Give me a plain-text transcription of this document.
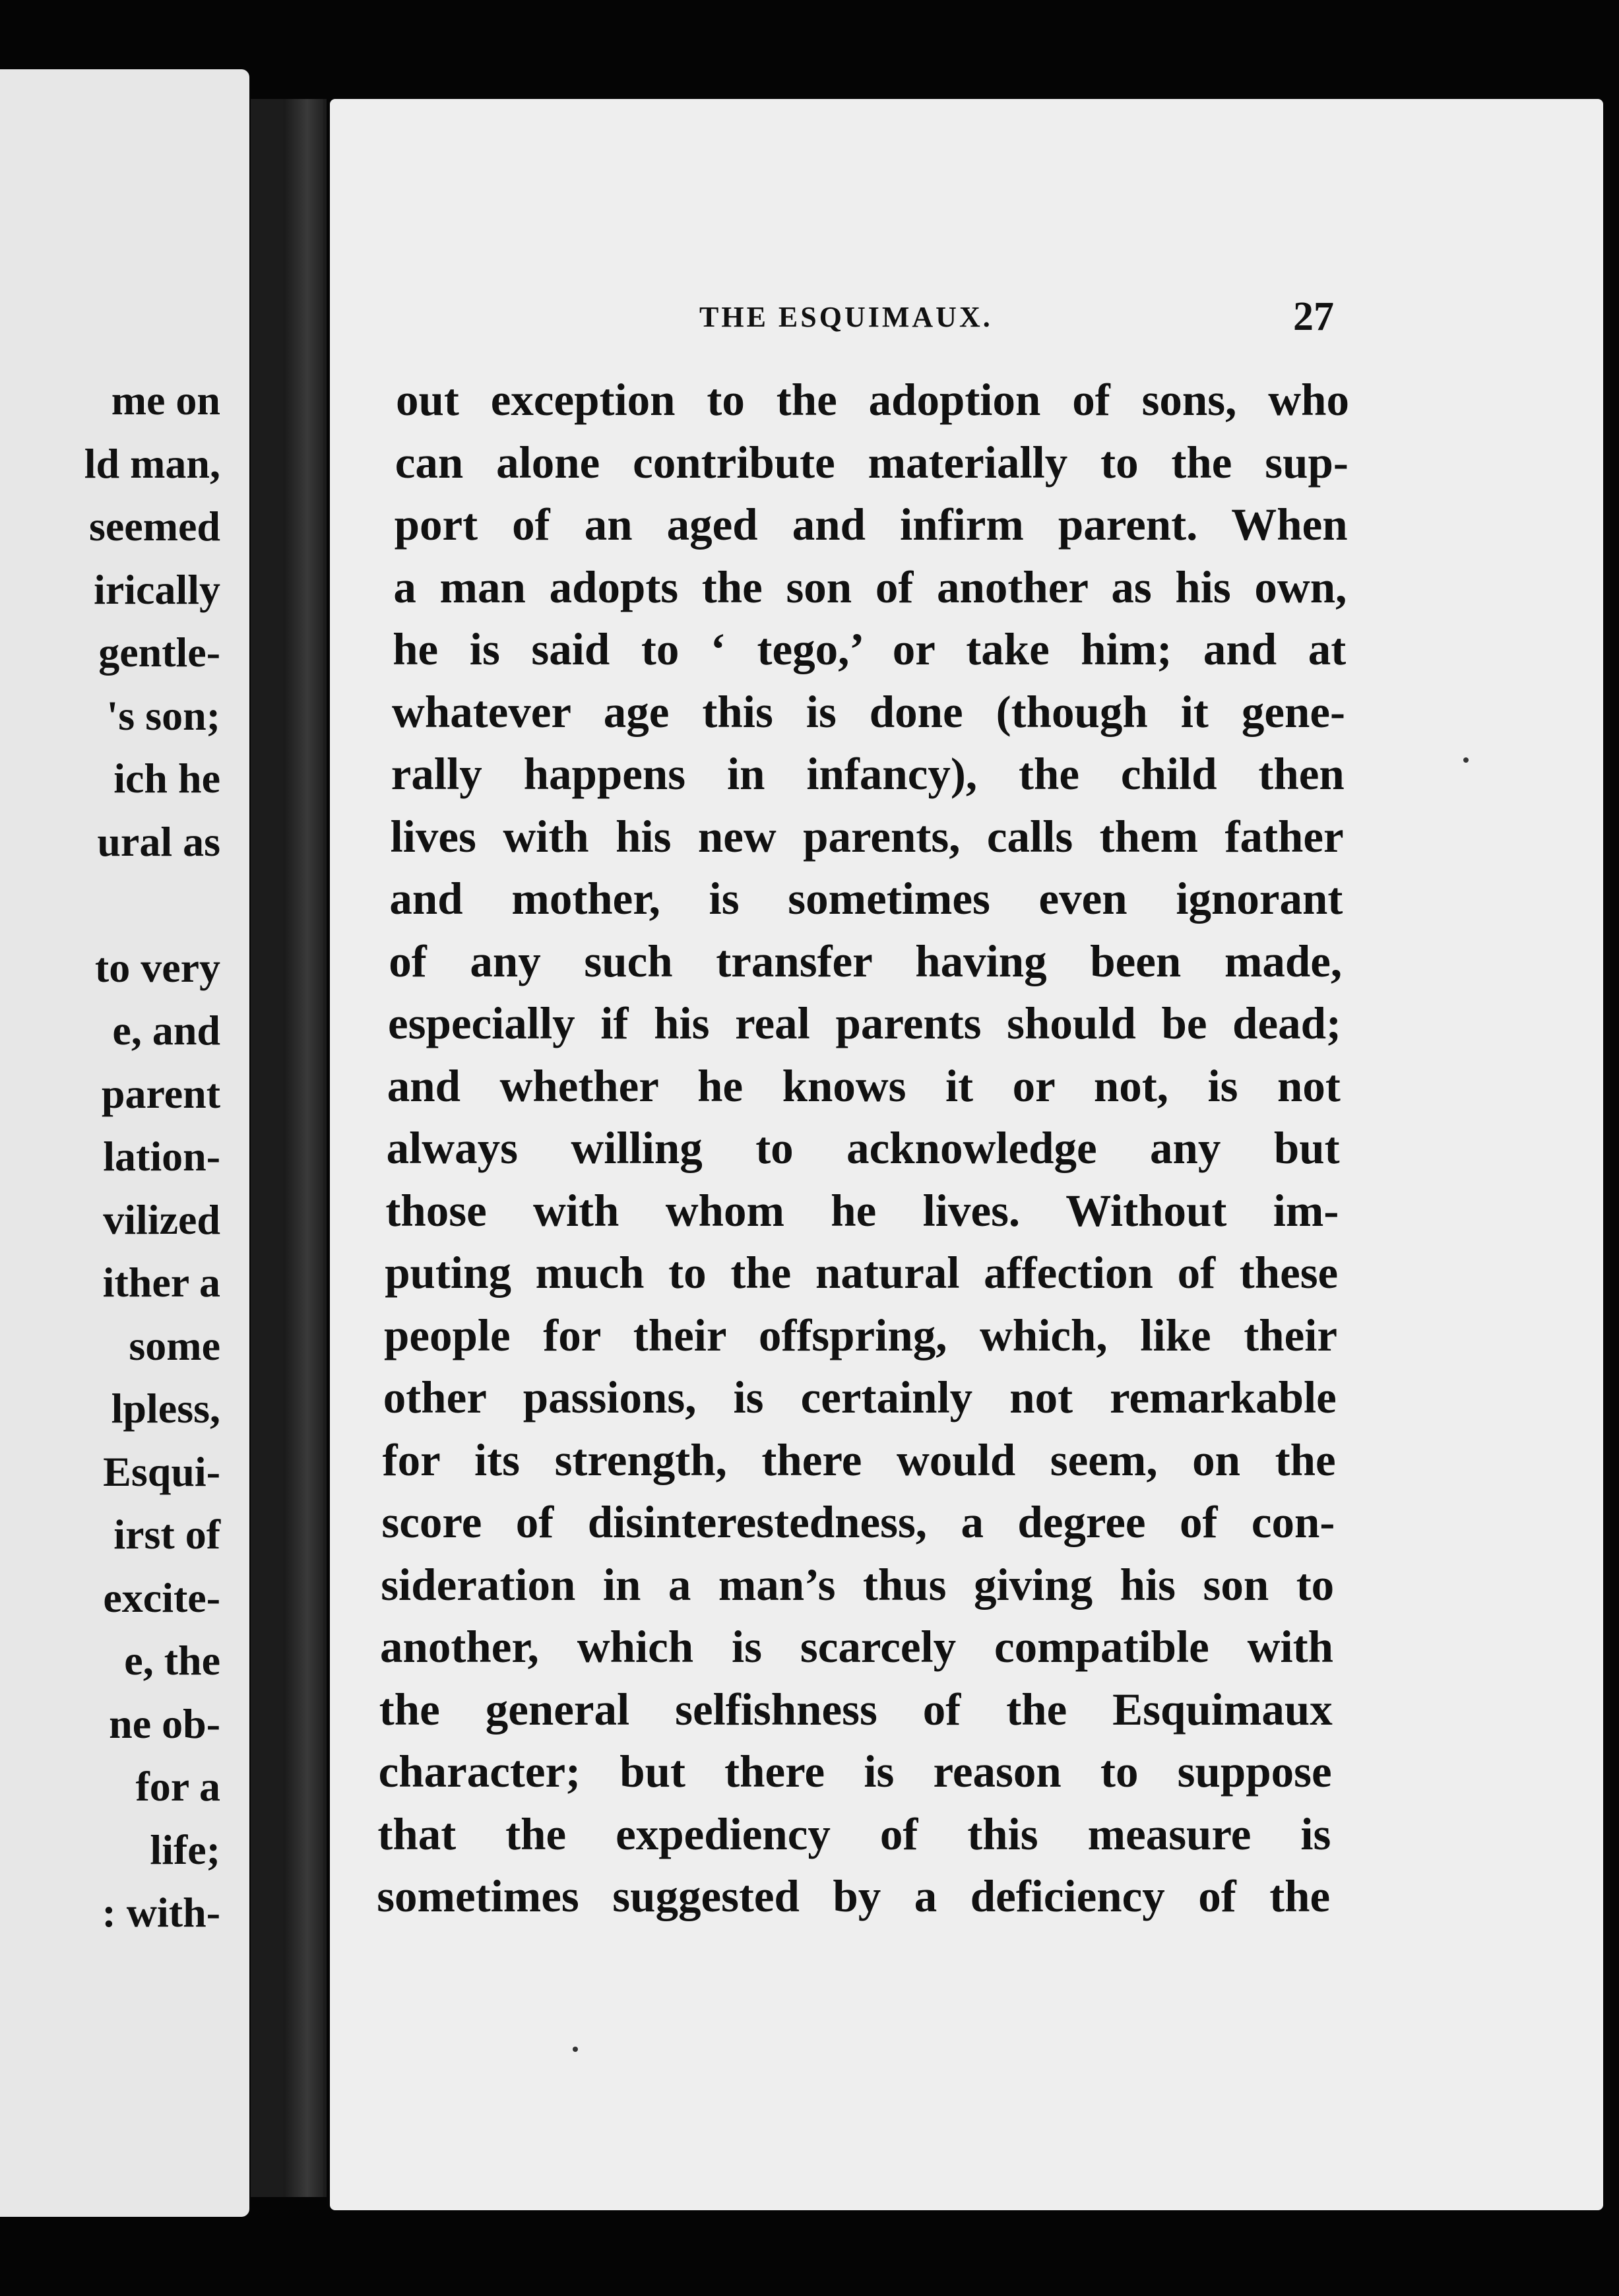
me on
ld man,
seemed
irically
gentle-
's son;
ich he
ural as
to very
e, and
parent
lation-
vilized
ither a
some
lpless,
Esqui-
irst of
excite-
e, the
ne ob-
for a
life;
: with-
THE ESQUIMAUX.	27
out exception to the adoption of sons, who
can alone contribute materially to the sup-
port of an aged and infirm parent. When
a man adopts the son of another as his own,
he is said to ‘ tego,’ or take him; and at
whatever age this is done (though it gene-
rally happens in infancy), the child then
lives with his new parents, calls them father
and mother, is sometimes even ignorant
of any such transfer having been made,
especially if his real parents should be dead;
and whether he knows it or not, is not
always willing to acknowledge any but
those with whom he lives. Without im-
puting much to the natural affection of these
people for their offspring, which, like their
other passions, is certainly not remarkable
for its strength, there would seem, on the
score of disinterestedness, a degree of con-
sideration in a man’s thus giving his son to
another, which is scarcely compatible with
the general selfishness of the Esquimaux
character; but there is reason to suppose
that the expediency of this measure is
sometimes suggested by a deficiency of the
